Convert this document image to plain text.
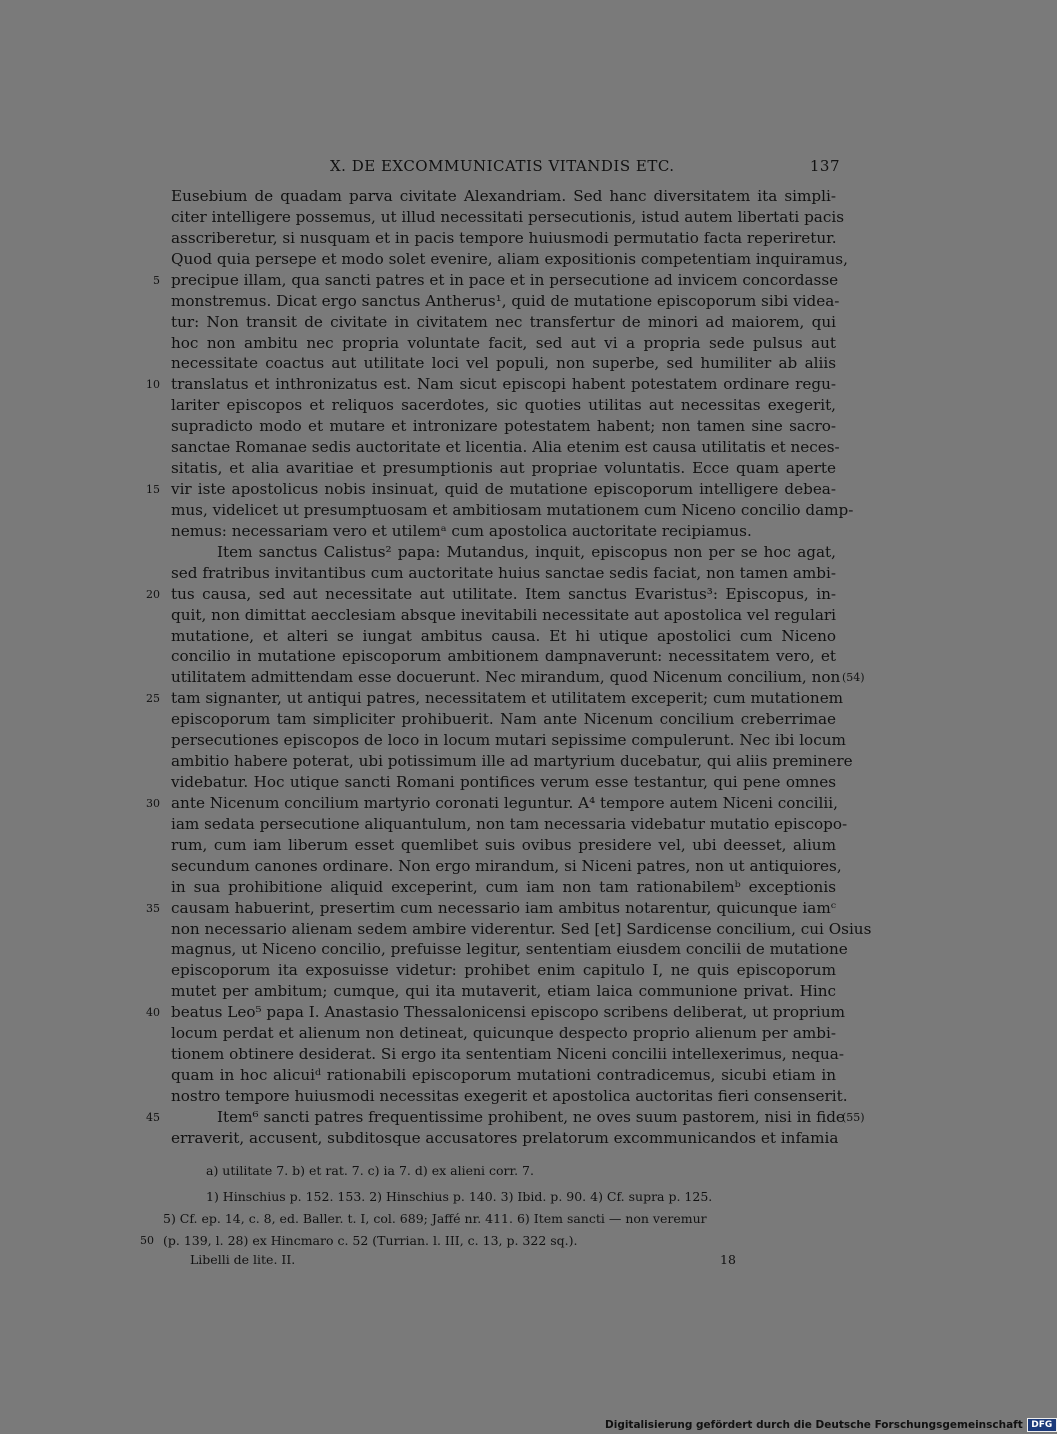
X. DE EXCOMMUNICATIS VITANDIS ETC.	137
Eusebium de quadam parva civitate Alexandriam. Sed hanc diversitatem ita simpli-
citer intelligere possemus, ut illud necessitati persecutionis, istud autem libertati pacis
asscriberetur, si nusquam et in pacis tempore huiusmodi permutatio facta reperiretur.
Quod quia persepe et modo solet evenire, aliam expositionis competentiam inquiramus,
5 precipue illam, qua sancti patres et in pace et in persecutione ad invicem concordasse
monstremus. Dicat ergo sanctus Antherus¹, quid de mutatione episcoporum sibi videa-
tur: Non transit de civitate in civitatem nec transfertur de minori ad maiorem, qui
hoc non ambitu nec propria voluntate facit, sed aut vi a propria sede pulsus aut
necessitate coactus aut utilitate loci vel populi, non superbe, sed humiliter ab aliis
10 translatus et inthronizatus est. Nam sicut episcopi habent potestatem ordinare regu-
lariter episcopos et reliquos sacerdotes, sic quoties utilitas aut necessitas exegerit,
supradicto modo et mutare et intronizare potestatem habent; non tamen sine sacro-
sanctae Romanae sedis auctoritate et licentia. Alia etenim est causa utilitatis et neces-
sitatis, et alia avaritiae et presumptionis aut propriae voluntatis. Ecce quam aperte
15 vir iste apostolicus nobis insinuat, quid de mutatione episcoporum intelligere debea-
mus, videlicet ut presumptuosam et ambitiosam mutationem cum Niceno concilio damp-
nemus: necessariam vero et utilemᵃ cum apostolica auctoritate recipiamus.
Item sanctus Calistus² papa: Mutandus, inquit, episcopus non per se hoc agat,
sed fratribus invitantibus cum auctoritate huius sanctae sedis faciat, non tamen ambi-
20 tus causa, sed aut necessitate aut utilitate. Item sanctus Evaristus³: Episcopus, in-
quit, non dimittat aecclesiam absque inevitabili necessitate aut apostolica vel regulari
mutatione, et alteri se iungat ambitus causa. Et hi utique apostolici cum Niceno
concilio in mutatione episcoporum ambitionem dampnaverunt: necessitatem vero, et
utilitatem admittendam esse docuerunt. Nec mirandum, quod Nicenum concilium, non (54)
25 tam signanter, ut antiqui patres, necessitatem et utilitatem exceperit; cum mutationem
episcoporum tam simpliciter prohibuerit. Nam ante Nicenum concilium creberrimae
persecutiones episcopos de loco in locum mutari sepissime compulerunt. Nec ibi locum
ambitio habere poterat, ubi potissimum ille ad martyrium ducebatur, qui aliis preminere
videbatur. Hoc utique sancti Romani pontifices verum esse testantur, qui pene omnes
30 ante Nicenum concilium martyrio coronati leguntur. A⁴ tempore autem Niceni concilii,
iam sedata persecutione aliquantulum, non tam necessaria videbatur mutatio episcopo-
rum, cum iam liberum esset quemlibet suis ovibus presidere vel, ubi deesset, alium
secundum canones ordinare. Non ergo mirandum, si Niceni patres, non ut antiquiores,
in sua prohibitione aliquid exceperint, cum iam non tam rationabilemᵇ exceptionis
35 causam habuerint, presertim cum necessario iam ambitus notarentur, quicunque iamᶜ
non necessario alienam sedem ambire viderentur. Sed [et] Sardicense concilium, cui Osius
magnus, ut Niceno concilio, prefuisse legitur, sententiam eiusdem concilii de mutatione
episcoporum ita exposuisse videtur: prohibet enim capitulo I, ne quis episcoporum
mutet per ambitum; cumque, qui ita mutaverit, etiam laica communione privat. Hinc
40 beatus Leo⁵ papa I. Anastasio Thessalonicensi episcopo scribens deliberat, ut proprium
locum perdat et alienum non detineat, quicunque despecto proprio alienum per ambi-
tionem obtinere desiderat. Si ergo ita sententiam Niceni concilii intellexerimus, nequa-
quam in hoc alicuiᵈ rationabili episcoporum mutationi contradicemus, sicubi etiam in
nostro tempore huiusmodi necessitas exegerit et apostolica auctoritas fieri consenserit.
45	Item⁶ sancti patres frequentissime prohibent, ne oves suum pastorem, nisi in fide
(55)
erraverit, accusent, subditosque accusatores prelatorum excommunicandos et infamia
a) utilitate 7. b) et rat. 7. c) ia 7. d) ex alieni corr. 7.
1) Hinschius p. 152. 153. 2) Hinschius p. 140. 3) Ibid. p. 90. 4) Cf. supra p. 125.
5) Cf. ep. 14, c. 8, ed. Baller. t. I, col. 689; Jaffé nr. 411. 6) Item sancti — non veremur
50 (p. 139, l. 28) ex Hincmaro c. 52 (Turrian. l. III, c. 13, p. 322 sq.).
Libelli de lite. II.	18
Digitalisierung gefördert durch die Deutsche Forschungsgemeinschaft DFG
